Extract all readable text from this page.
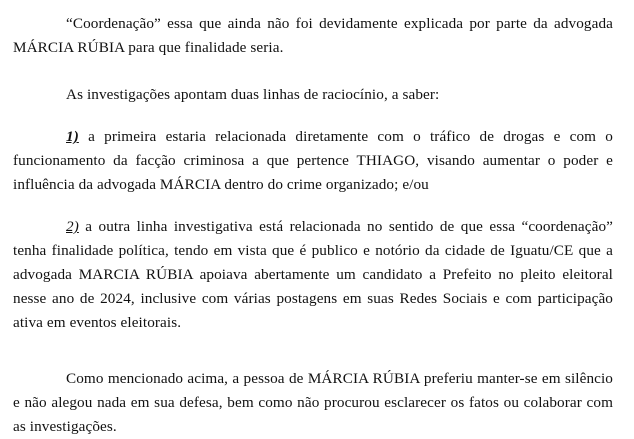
“Coordenação” essa que ainda não foi devidamente explicada por parte da advogada MÁRCIA RÚBIA para que finalidade seria.

As investigações apontam duas linhas de raciocínio, a saber:

1) a primeira estaria relacionada diretamente com o tráfico de drogas e com o funcionamento da facção criminosa a que pertence THIAGO, visando aumentar o poder e influência da advogada MÁRCIA dentro do crime organizado; e/ou

2) a outra linha investigativa está relacionada no sentido de que essa “coordenação” tenha finalidade política, tendo em vista que é publico e notório da cidade de Iguatu/CE que a advogada MARCIA RÚBIA apoiava abertamente um candidato a Prefeito no pleito eleitoral nesse ano de 2024, inclusive com várias postagens em suas Redes Sociais e com participação ativa em eventos eleitorais.

Como mencionado acima, a pessoa de MÁRCIA RÚBIA preferiu manter-se em silêncio e não alegou nada em sua defesa, bem como não procurou esclarecer os fatos ou colaborar com as investigações.
